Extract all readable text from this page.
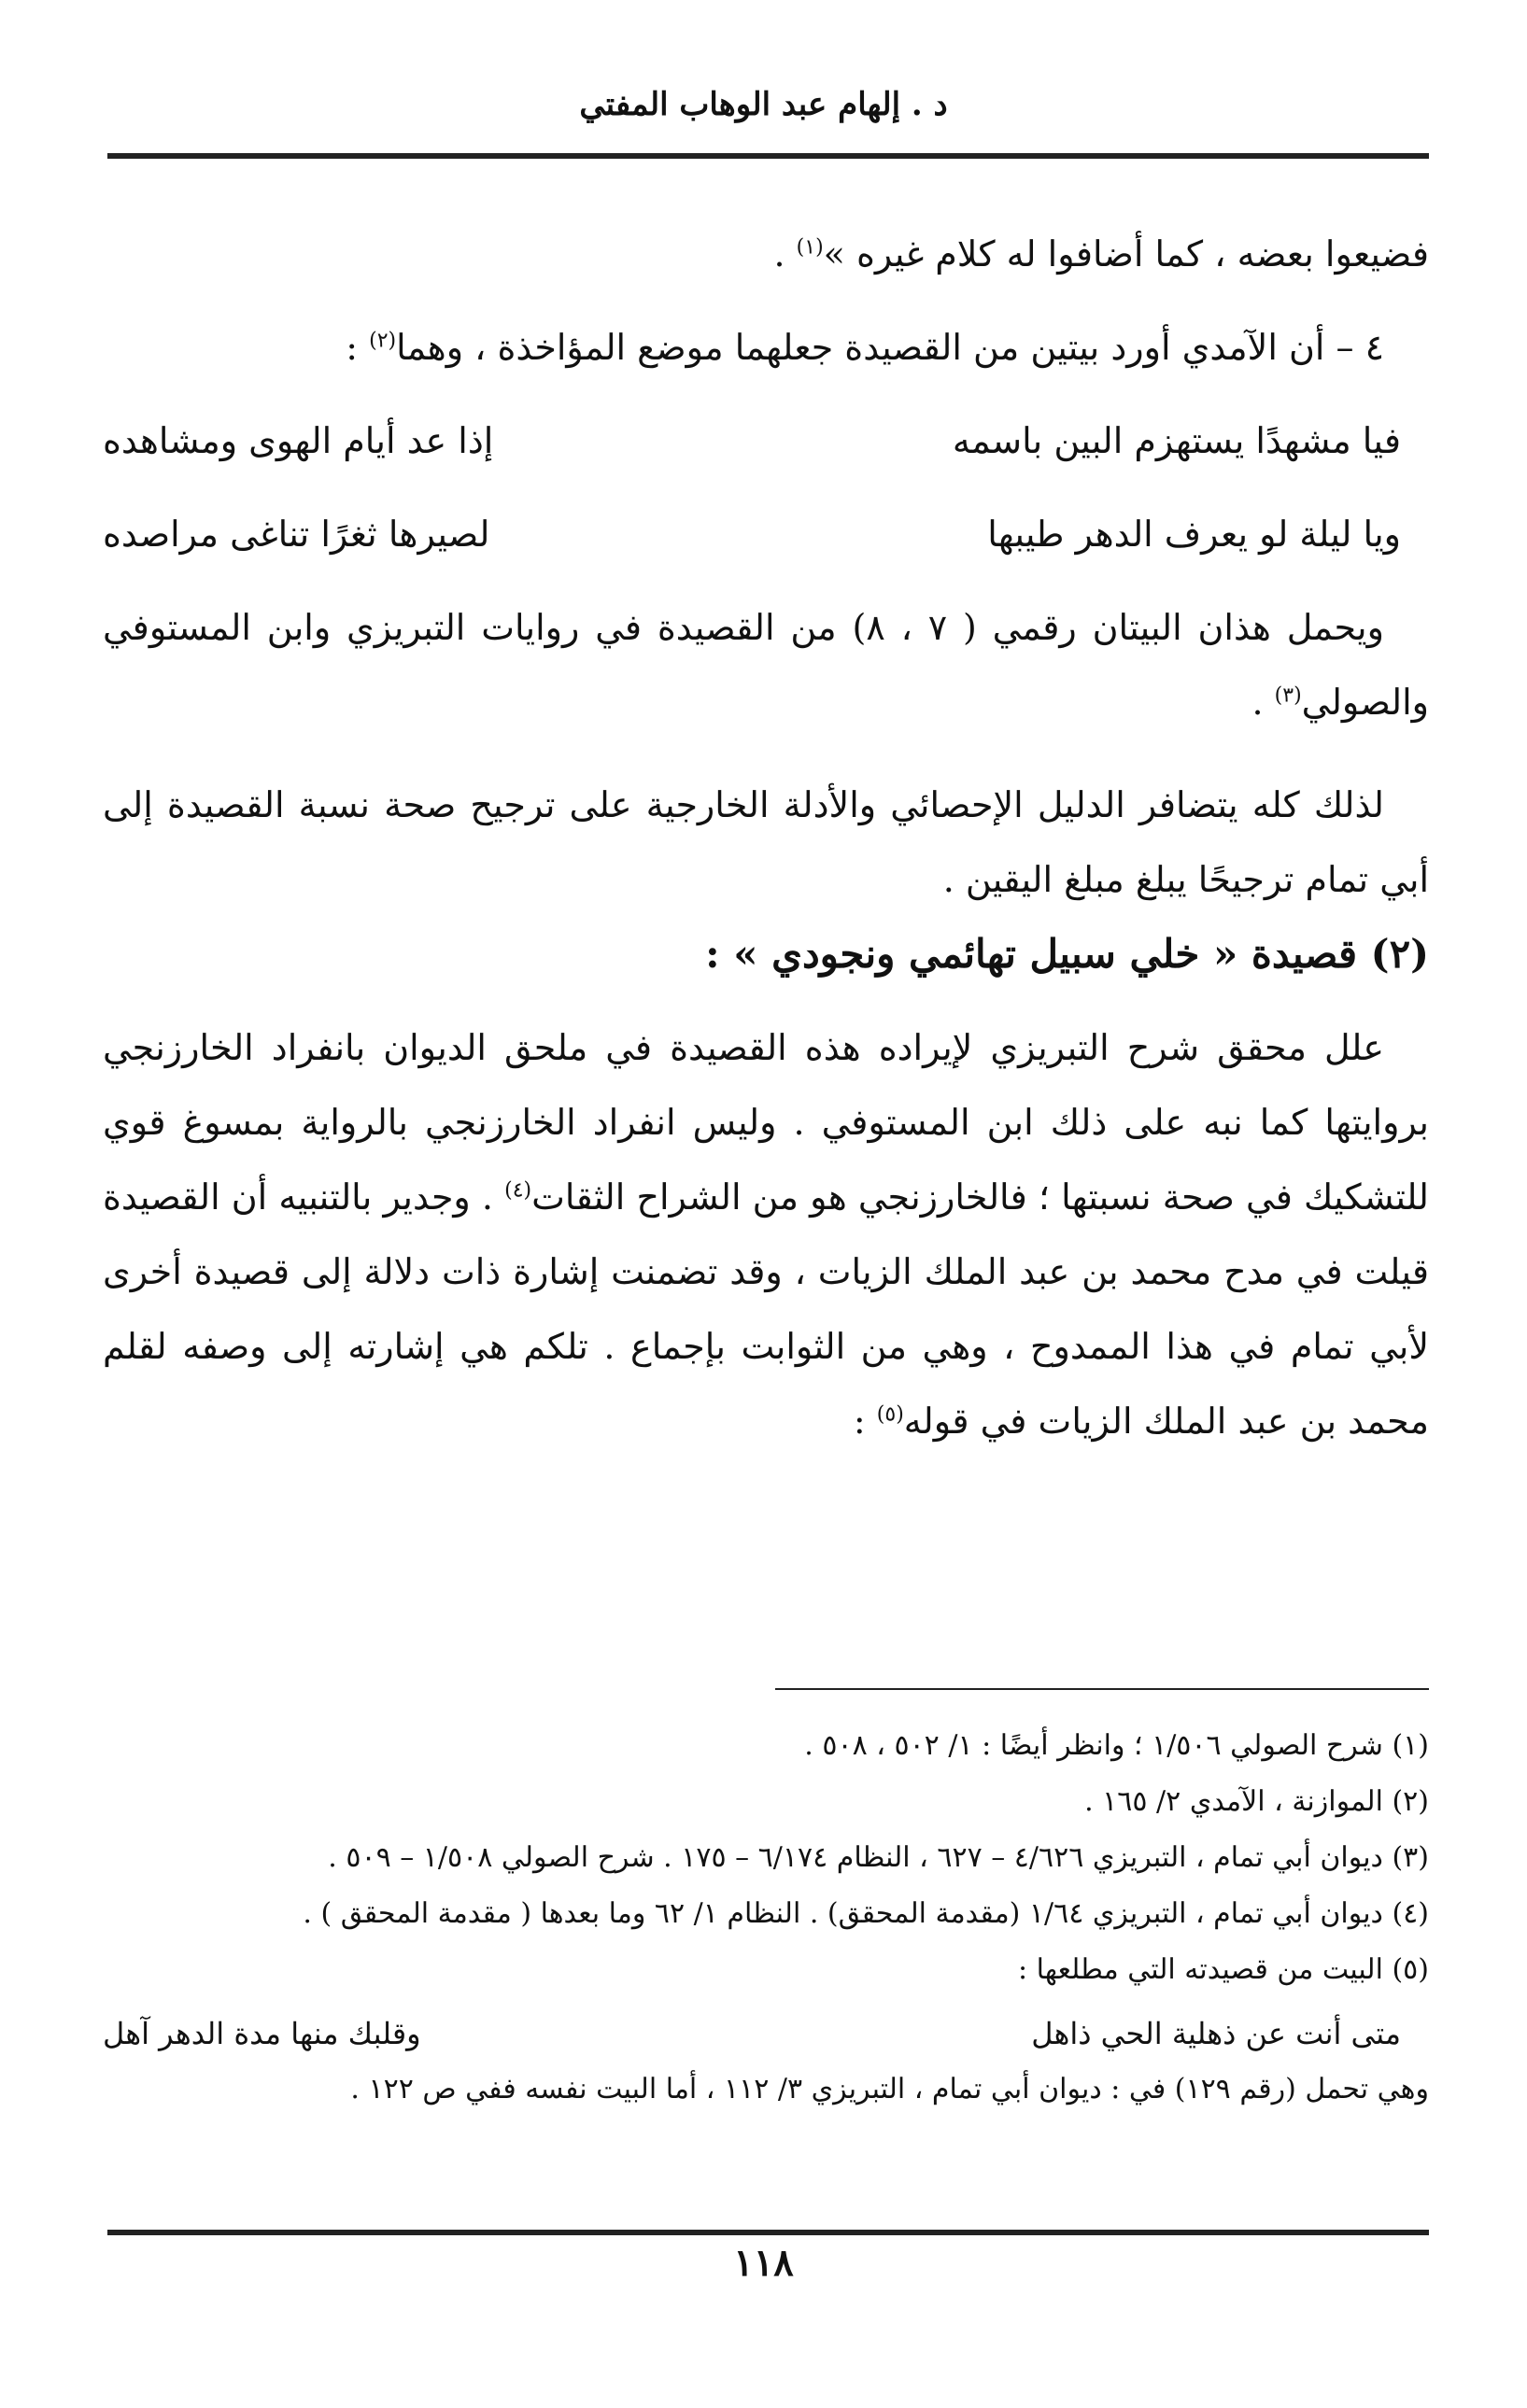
د . إلهام عبد الوهاب المفتي

فضيعوا بعضه ، كما أضافوا له كلام غيره »$^{(١)}$ .

٤ – أن الآمدي أورد بيتين من القصيدة جعلهما موضع المؤاخذة ، وهما$^{(٢)}$ :

فيا مشهدًا يستهزم البين باسمه
إذا عد أيام الهوى ومشاهده
ويا ليلة لو يعرف الدهر طيبها
لصيرها ثغرًا تناغى مراصده

ويحمل هذان البيتان رقمي ( ٧ ، ٨) من القصيدة في روايات التبريزي وابن المستوفي والصولي$^{(٣)}$ .

لذلك كله يتضافر الدليل الإحصائي والأدلة الخارجية على ترجيح صحة نسبة القصيدة إلى أبي تمام ترجيحًا يبلغ مبلغ اليقين .

(٢) قصيدة « خلي سبيل تهائمي ونجودي » :

علل محقق شرح التبريزي لإيراده هذه القصيدة في ملحق الديوان بانفراد الخارزنجي بروايتها كما نبه على ذلك ابن المستوفي . وليس انفراد الخارزنجي بالرواية بمسوغ قوي للتشكيك في صحة نسبتها ؛ فالخارزنجي هو من الشراح الثقات$^{(٤)}$ . وجدير بالتنبيه أن القصيدة قيلت في مدح محمد بن عبد الملك الزيات ، وقد تضمنت إشارة ذات دلالة إلى قصيدة أخرى لأبي تمام في هذا الممدوح ، وهي من الثوابت بإجماع . تلكم هي إشارته إلى وصفه لقلم محمد بن عبد الملك الزيات في قوله$^{(٥)}$ :

(١) شرح الصولي ١/٥٠٦ ؛ وانظر أيضًا : ١/ ٥٠٢ ، ٥٠٨ .

(٢) الموازنة ، الآمدي ٢/ ١٦٥ .

(٣) ديوان أبي تمام ، التبريزي ٤/٦٢٦ – ٦٢٧ ، النظام ٦/١٧٤ – ١٧٥ . شرح الصولي ١/٥٠٨ – ٥٠٩ .

(٤) ديوان أبي تمام ، التبريزي ١/٦٤ (مقدمة المحقق) . النظام ١/ ٦٢ وما بعدها ( مقدمة المحقق ) .

(٥) البيت من قصيدته التي مطلعها :

متى أنت عن ذهلية الحي ذاهل
وقلبك منها مدة الدهر آهل

وهي تحمل (رقم ١٢٩) في : ديوان أبي تمام ، التبريزي ٣/ ١١٢ ، أما البيت نفسه ففي ص ١٢٢ .

١١٨
